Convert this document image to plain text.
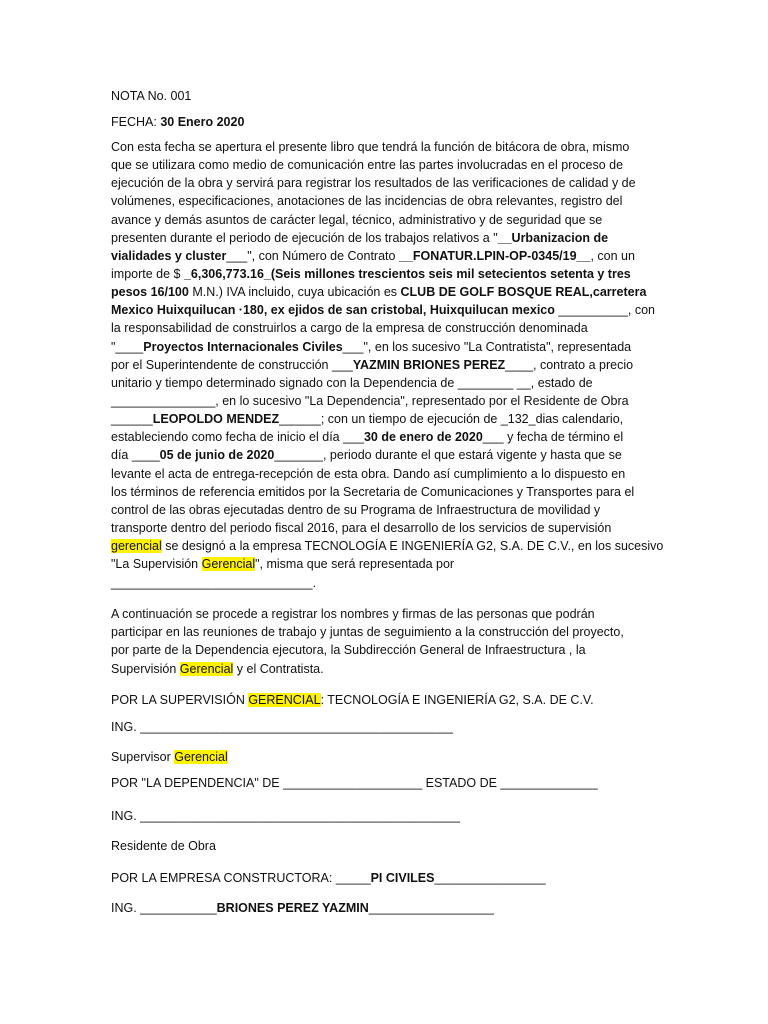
NOTA No. 001
FECHA: 30 Enero 2020
Con esta fecha se apertura el presente libro que tendrá la función de bitácora de obra, mismo
que se utilizara como medio de comunicación entre las partes involucradas en el proceso de
ejecución de la obra y servirá para registrar los resultados de las verificaciones de calidad y de
volúmenes, especificaciones, anotaciones de las incidencias de obra relevantes, registro del
avance y demás asuntos de carácter legal, técnico, administrativo y de seguridad que se
presenten durante el periodo de ejecución de los trabajos relativos a "__Urbanizacion de
vialidades y cluster___", con Número de Contrato __FONATUR.LPIN-OP-0345/19__, con un
importe de $ _6,306,773.16_(Seis millones trescientos seis mil setecientos setenta y tres
pesos 16/100 M.N.) IVA incluido, cuya ubicación es CLUB DE GOLF BOSQUE REAL,carretera
Mexico Huixquilucan ·180, ex ejidos de san cristobal, Huixquilucan mexico __________, con
la responsabilidad de construirlos a cargo de la empresa de construcción denominada
"____Proyectos Internacionales Civiles___", en los sucesivo "La Contratista", representada
por el Superintendente de construcción ___YAZMIN BRIONES PEREZ____, contrato a precio
unitario y tiempo determinado signado con la Dependencia de ________ __, estado de
_______________, en lo sucesivo "La Dependencia", representado por el Residente de Obra
______LEOPOLDO MENDEZ______; con un tiempo de ejecución de _132_dias calendario,
estableciendo como fecha de inicio el día ___30 de enero de 2020___ y fecha de término el
día ____05 de junio de 2020_______, periodo durante el que estará vigente y hasta que se
levante el acta de entrega-recepción de esta obra. Dando así cumplimiento a lo dispuesto en
los términos de referencia emitidos por la Secretaria de Comunicaciones y Transportes para el
control de las obras ejecutadas dentro de su Programa de Infraestructura de movilidad y
transporte dentro del periodo fiscal 2016, para el desarrollo de los servicios de supervisión
gerencial se designó a la empresa TECNOLOGÍA E INGENIERÍA G2, S.A. DE C.V., en los sucesivo
"La Supervisión Gerencial", misma que será representada por
_____________________________.
A continuación se procede a registrar los nombres y firmas de las personas que podrán
participar en las reuniones de trabajo y juntas de seguimiento a la construcción del proyecto,
por parte de la Dependencia ejecutora, la Subdirección General de Infraestructura , la
Supervisión Gerencial y el Contratista.
POR LA SUPERVISIÓN GERENCIAL: TECNOLOGÍA E INGENIERÍA G2, S.A. DE C.V.
ING. _____________________________________________
Supervisor Gerencial
POR "LA DEPENDENCIA" DE ____________________ ESTADO DE ______________
ING. ______________________________________________
Residente de Obra
POR LA EMPRESA CONSTRUCTORA: _____PI CIVILES________________
ING. ___________BRIONES PEREZ YAZMIN__________________
